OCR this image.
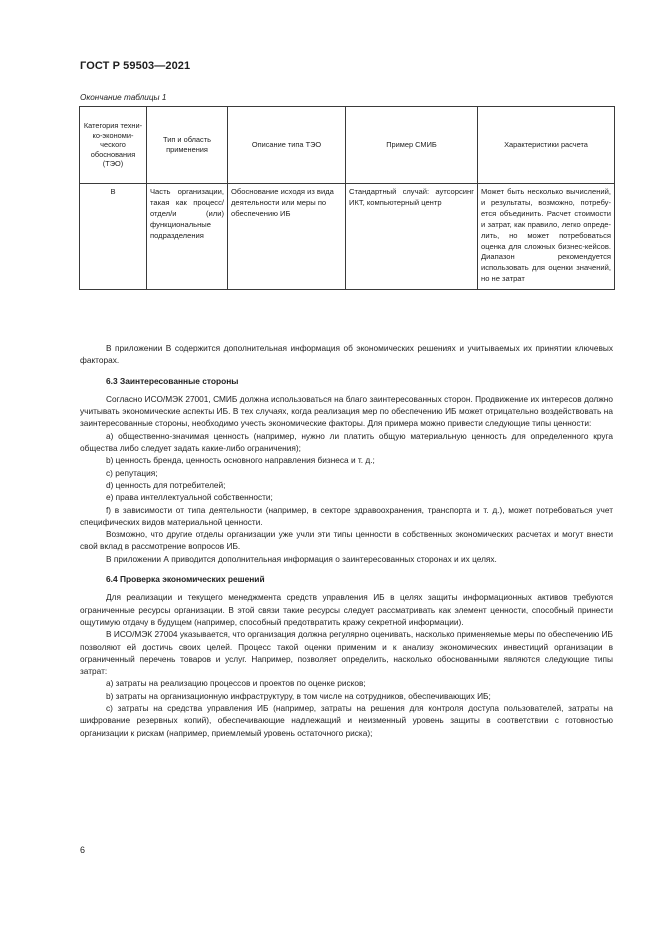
ГОСТ Р 59503—2021
Окончание таблицы 1
Категория технико-экономического обоснования (ТЭО)	Тип и область применения	Описание типа ТЭО	Пример СМИБ	Характеристики расчета
В	Часть организации, такая как процесс/ отдел/и (или) функциональные подразделения	Обоснование исходя из вида деятельности или меры по обеспечению ИБ	Стандартный случай: аутсорсинг ИКТ, компьютерный центр	Может быть несколько вычислений, и результаты, возможно, потребуется объединить. Расчет стоимости и затрат, как правило, легко определить, но может потребоваться оценка для сложных бизнес-кейсов. Диапазон рекомендуется использовать для оценки значений, но не затрат

В приложении В содержится дополнительная информация об экономических решениях и учитываемых их принятии ключевых факторах.

6.3 Заинтересованные стороны

Согласно ИСО/МЭК 27001, СМИБ должна использоваться на благо заинтересованных сторон. Продвижение их интересов должно учитывать экономические аспекты ИБ. В тех случаях, когда реализация мер по обеспечению ИБ может отрицательно воздействовать на заинтересованные стороны, необходимо учесть экономические факторы. Для примера можно привести следующие типы ценности:

а) общественно-значимая ценность (например, нужно ли платить общую материальную ценность для определенного круга общества либо следует задать какие-либо ограничения);

b) ценность бренда, ценность основного направления бизнеса и т. д.;

c) репутация;

d) ценность для потребителей;

e) права интеллектуальной собственности;

f) в зависимости от типа деятельности (например, в секторе здравоохранения, транспорта и т. д.), может потребоваться учет специфических видов материальной ценности.

Возможно, что другие отделы организации уже учли эти типы ценности в собственных экономических расчетах и могут внести свой вклад в рассмотрение вопросов ИБ.

В приложении А приводится дополнительная информация о заинтересованных сторонах и их целях.

6.4 Проверка экономических решений

Для реализации и текущего менеджмента средств управления ИБ в целях защиты информационных активов требуются ограниченные ресурсы организации. В этой связи такие ресурсы следует рассматривать как элемент ценности, способный принести ощутимую отдачу в будущем (например, способный предотвратить кражу секретной информации).

В ИСО/МЭК 27004 указывается, что организация должна регулярно оценивать, насколько применяемые меры по обеспечению ИБ позволяют ей достичь своих целей. Процесс такой оценки применим и к анализу экономических инвестиций организации в ограниченный перечень товаров и услуг. Например, позволяет определить, насколько обоснованными являются следующие типы затрат:

а) затраты на реализацию процессов и проектов по оценке рисков;

b) затраты на организационную инфраструктуру, в том числе на сотрудников, обеспечивающих ИБ;

c) затраты на средства управления ИБ (например, затраты на решения для контроля доступа пользователей, затраты на шифрование резервных копий), обеспечивающие надлежащий и неизменный уровень защиты в соответствии с готовностью организации к рискам (например, приемлемый уровень остаточного риска);

6
